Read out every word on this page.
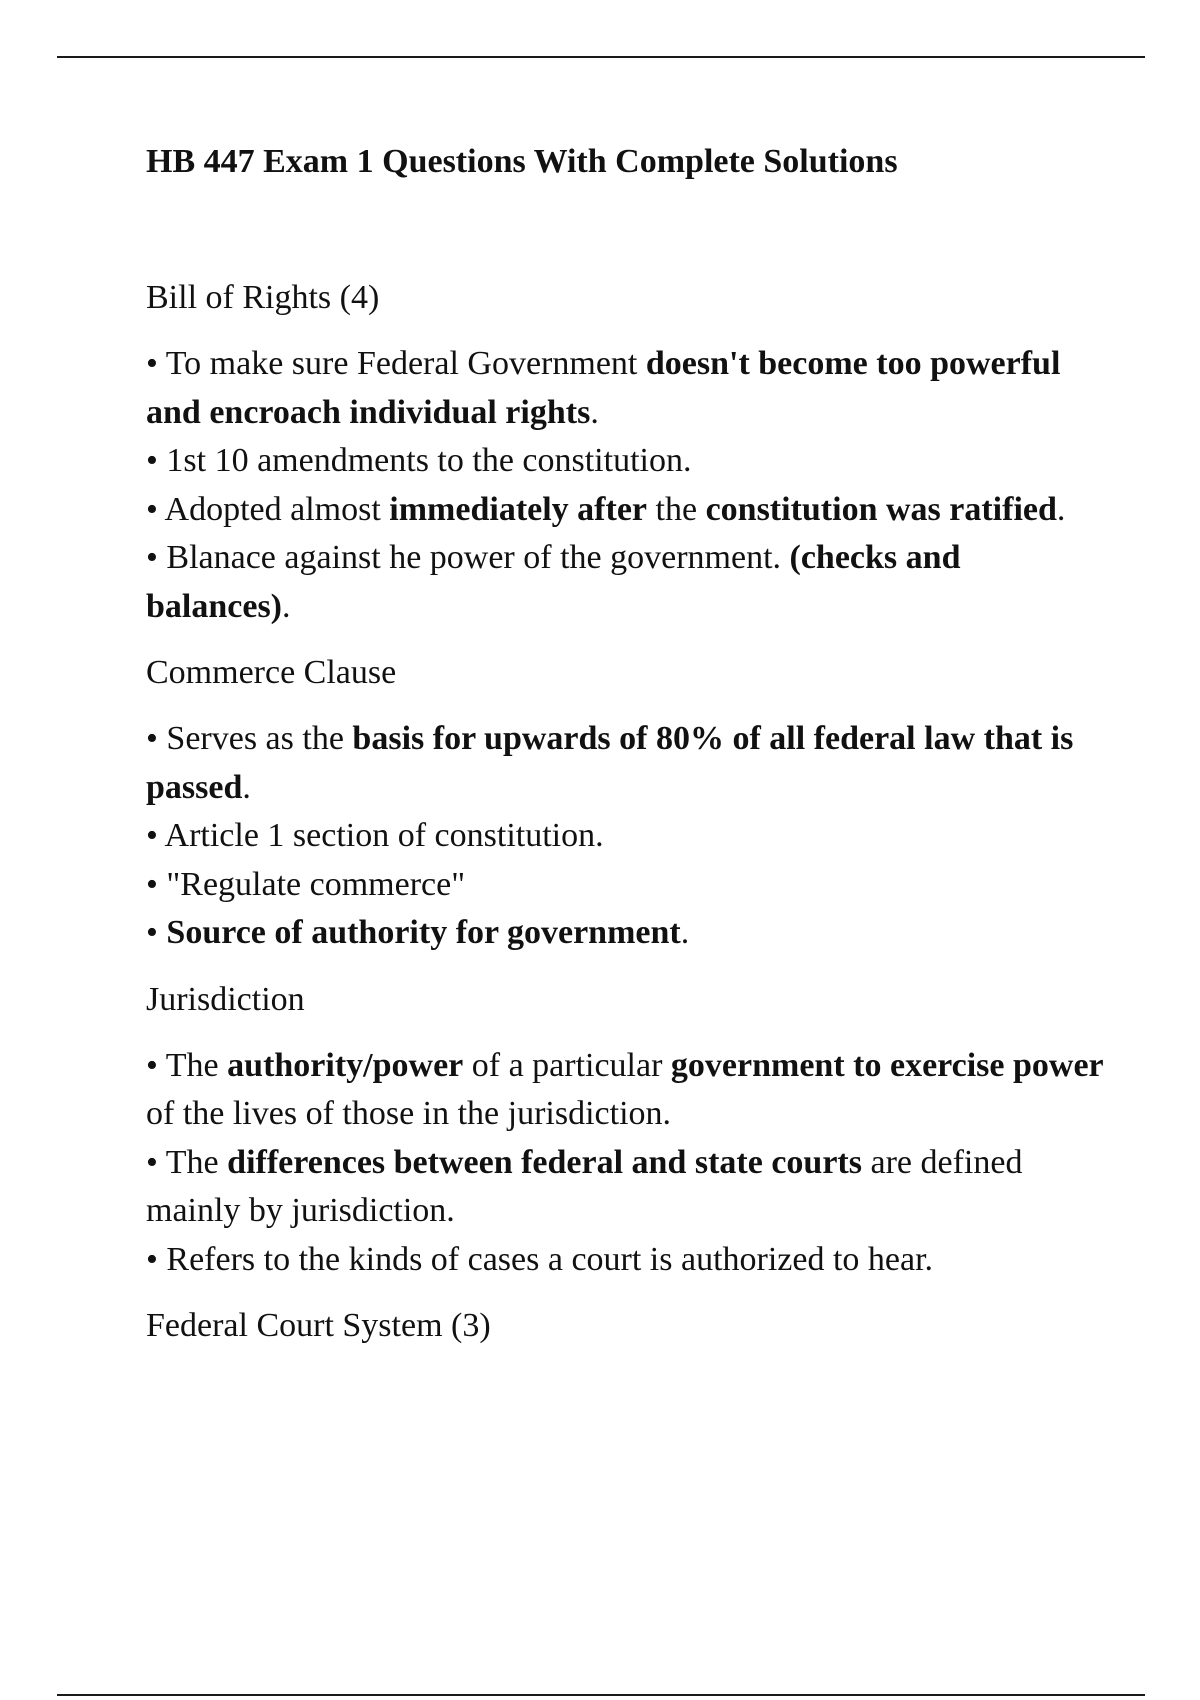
HB 447 Exam 1 Questions With Complete Solutions
Bill of Rights (4)
• To make sure Federal Government doesn't become too powerful and encroach individual rights.
• 1st 10 amendments to the constitution.
• Adopted almost immediately after the constitution was ratified.
• Blanace against he power of the government. (checks and balances).
Commerce Clause
• Serves as the basis for upwards of 80% of all federal law that is passed.
• Article 1 section of constitution.
• "Regulate commerce"
• Source of authority for government.
Jurisdiction
• The authority/power of a particular government to exercise power of the lives of those in the jurisdiction.
• The differences between federal and state courts are defined mainly by jurisdiction.
• Refers to the kinds of cases a court is authorized to hear.
Federal Court System (3)
